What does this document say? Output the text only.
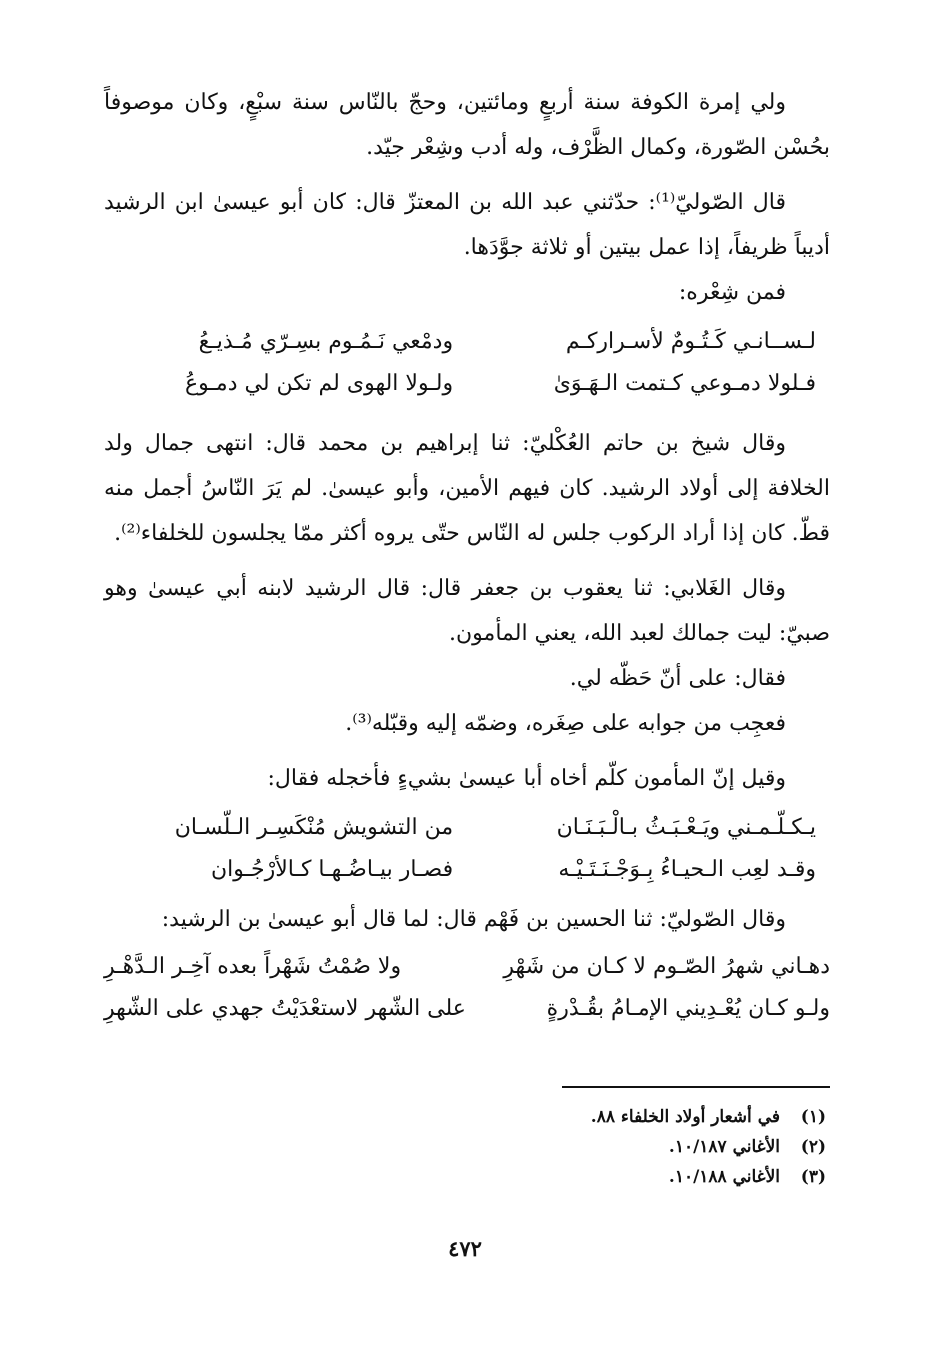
ولي إمرة الكوفة سنة أربعٍ ومائتين، وحجّ بالنّاس سنة سبْعٍ، وكان موصوفاً بحُسْن الصّورة، وكمال الظَّرْف، وله أدب وشِعْر جيّد.

قال الصّوليّ⁽¹⁾: حدّثني عبد الله بن المعتزّ قال: كان أبو عيسىٰ ابن الرشيد أديباً ظريفاً، إذا عمل بيتين أو ثلاثة جوَّدَها.

فمن شِعْره:

لـســانـي كَـتُـومٌ لأسـراركـم
ودمْعي نَـمُـوم بسِـرّي مُـذيـعُ
فـلولا دمـوعي كـتمت الـهَـوَىٰ
ولـولا الهوى لم تكن لي دمـوعُ

وقال شيخ بن حاتم العُكْليّ: ثنا إبراهيم بن محمد قال: انتهى جمال ولد الخلافة إلى أولاد الرشيد. كان فيهم الأمين، وأبو عيسىٰ. لم يَرَ النّاسُ أجمل منه قطّ. كان إذا أراد الركوب جلس له النّاس حتّى يروه أكثر ممّا يجلسون للخلفاء⁽²⁾.

وقال الغَلابي: ثنا يعقوب بن جعفر قال: قال الرشيد لابنه أبي عيسىٰ وهو صبيّ: ليت جمالك لعبد الله، يعني المأمون.

فقال: على أنّ حَظّه لي.

فعجِب من جوابه على صِغَره، وضمّه إليه وقبّله⁽³⁾.

وقيل إنّ المأمون كلّم أخاه أبا عيسىٰ بشيءٍ فأخجله فقال:

يـكـلّـمـني ويَـعْـبَـثُ بـالْـبَـنَـان
من التشويش مُنْكَسِـر الـلّسـان
وقـد لعِب الـحيـاءُ بِـوَجْـنَـتَـيْـه
فصـار بيـاضُـهـا كـالأرْجُـوان

وقال الصّوليّ: ثنا الحسين بن فَهْم قال: لما قال أبو عيسىٰ بن الرشيد:

دهـاني شهرُ الصّـوم لا كـان من شَهْرِ
ولا صُمْتُ شَهْراً بعده آخِـر الـدَّهْـرِ
ولـو كـان يُعْـدِيني الإمـامُ بقُـدْرةٍ
على الشّهر لاستعْدَيْتُ جهدي على الشّهرِ
(١)
في أشعار أولاد الخلفاء ٨٨.
(٢)
الأغاني ١٠/١٨٧.
(٣)
الأغاني ١٠/١٨٨.
٤٧٢
